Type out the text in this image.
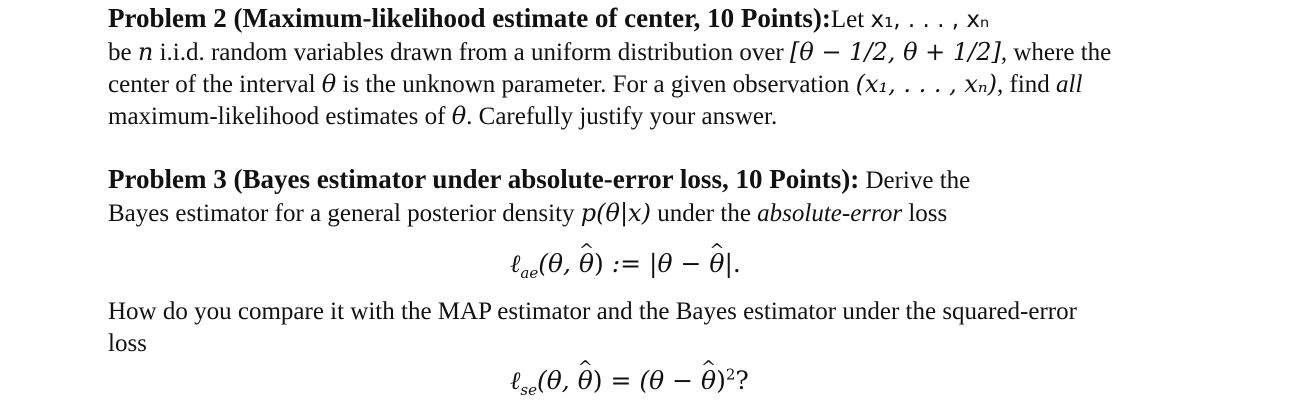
Problem 2 (Maximum-likelihood estimate of center, 10 Points):Let x₁, . . . , xₙ
be n i.i.d. random variables drawn from a uniform distribution over [θ − 1/2, θ + 1/2], where the
center of the interval θ is the unknown parameter. For a given observation (x₁, . . . , xₙ), find all
maximum-likelihood estimates of θ. Carefully justify your answer.
Problem 3 (Bayes estimator under absolute-error loss, 10 Points): Derive the
Bayes estimator for a general posterior density p(θ|x) under the absolute-error loss
ℓ$_{ae}$(θ, ^ θ) := |θ − ^ θ|.
How do you compare it with the MAP estimator and the Bayes estimator under the squared-error
loss
ℓ$_{se}$(θ, ^ θ) = (θ − ^ θ)$^2$?
